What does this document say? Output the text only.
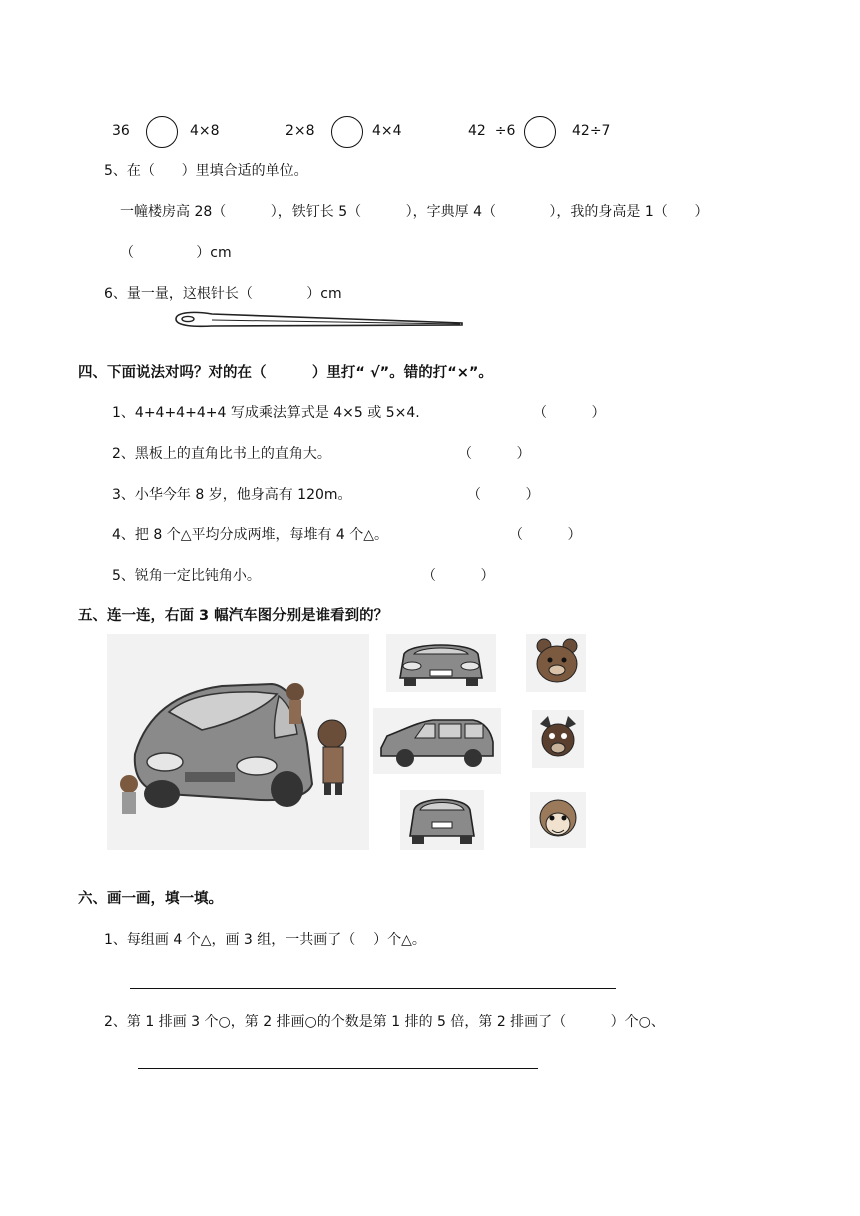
36	4×8	2×8	4×4	42  ÷6	42÷7
5、在（      ）里填合适的单位。
一幢楼房高 28（          ），铁钉长 5（          ），字典厚 4（            ），我的身高是 1（      ）
（              ）cm
6、量一量，这根针长（            ）cm
四、下面说法对吗？对的在（         ）里打“ √”。错的打“×”。
1、4+4+4+4+4 写成乘法算式是 4×5 或 5×4.	（          ）
2、黑板上的直角比书上的直角大。	（          ）
3、小华今年 8 岁，他身高有 120m。	（          ）
4、把 8 个△平均分成两堆，每堆有 4 个△。	（          ）
5、锐角一定比钝角小。	（          ）
五、连一连，右面 3 幅汽车图分别是谁看到的？
六、画一画，填一填。
1、每组画 4 个△，画 3 组，一共画了（    ）个△。
2、第 1 排画 3 个○，第 2 排画○的个数是第 1 排的 5 倍，第 2 排画了（          ）个○、
